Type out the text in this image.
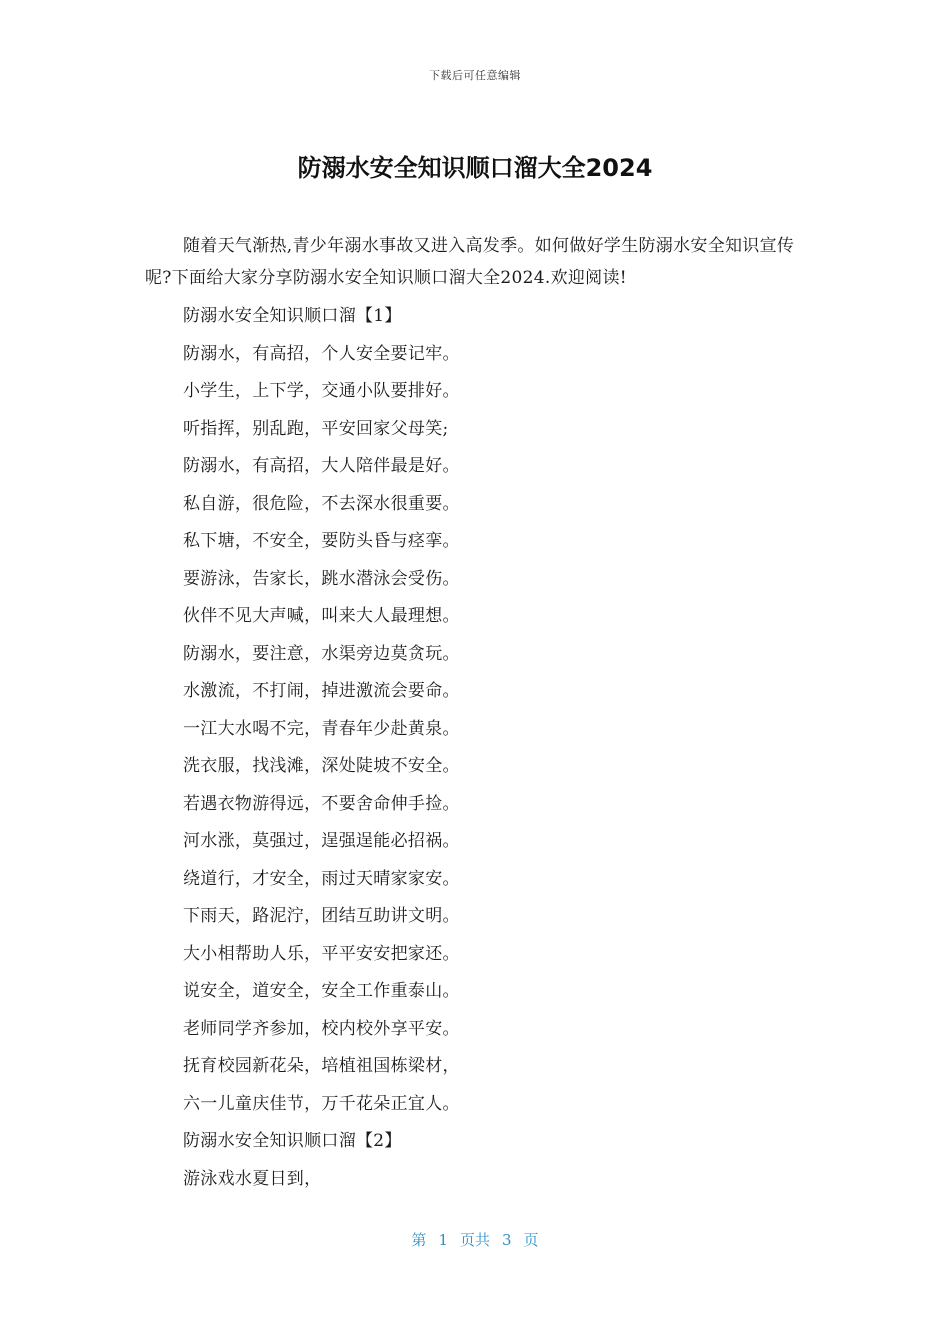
下载后可任意编辑
防溺水安全知识顺口溜大全2024

随着天气渐热,青少年溺水事故又进入高发季。如何做好学生防溺水安全知识宣传呢?下面给大家分享防溺水安全知识顺口溜大全2024.欢迎阅读!

防溺水安全知识顺口溜【1】

防溺水，有高招，个人安全要记牢。

小学生，上下学，交通小队要排好。

听指挥，别乱跑，平安回家父母笑;

防溺水，有高招，大人陪伴最是好。

私自游，很危险，不去深水很重要。

私下塘，不安全，要防头昏与痉挛。

要游泳，告家长，跳水潜泳会受伤。

伙伴不见大声喊，叫来大人最理想。

防溺水，要注意，水渠旁边莫贪玩。

水激流，不打闹，掉进激流会要命。

一江大水喝不完，青春年少赴黄泉。

洗衣服，找浅滩，深处陡坡不安全。

若遇衣物游得远，不要舍命伸手捡。

河水涨，莫强过，逞强逞能必招祸。

绕道行，才安全，雨过天晴家家安。

下雨天，路泥泞，团结互助讲文明。

大小相帮助人乐，平平安安把家还。

说安全，道安全，安全工作重泰山。

老师同学齐参加，校内校外享平安。

抚育校园新花朵，培植祖国栋梁材，

六一儿童庆佳节，万千花朵正宜人。

防溺水安全知识顺口溜【2】

游泳戏水夏日到，

第 1 页共 3 页
